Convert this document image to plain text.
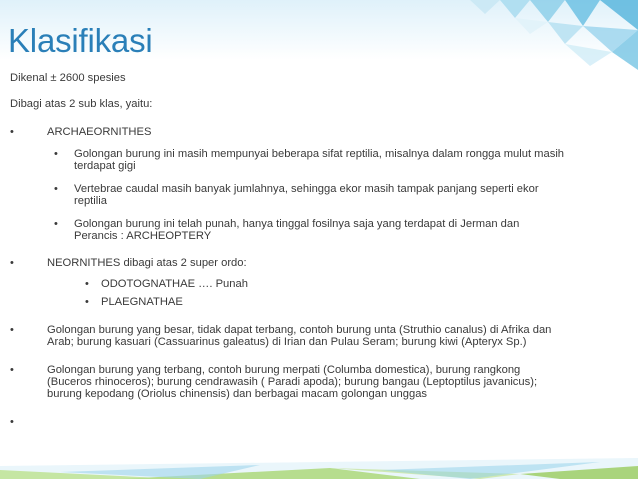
Klasifikasi
Dikenal ± 2600 spesies
Dibagi atas 2 sub klas, yaitu:
•	ARCHAEORNITHES
• Golongan burung ini masih mempunyai beberapa sifat reptilia, misalnya dalam rongga mulut masih
terdapat gigi
• Vertebrae caudal masih banyak jumlahnya, sehingga ekor masih tampak panjang seperti ekor
reptilia
• Golongan burung ini telah punah, hanya tinggal fosilnya saja yang terdapat di Jerman dan
Perancis : ARCHEOPTERY
•	NEORNITHES dibagi atas 2 super ordo:
• ODOTOGNATHAE …. Punah
• PLAEGNATHAE
•	Golongan burung yang besar, tidak dapat terbang, contoh burung unta (Struthio canalus) di Afrika dan
Arab; burung kasuari (Cassuarinus galeatus) di Irian dan Pulau Seram; burung kiwi (Apteryx Sp.)
•	Golongan burung yang terbang, contoh burung merpati (Columba domestica), burung rangkong
(Buceros rhinoceros); burung cendrawasih ( Paradi apoda); burung bangau (Leptoptilus javanicus);
burung kepodang (Oriolus chinensis) dan berbagai macam golongan unggas
•
